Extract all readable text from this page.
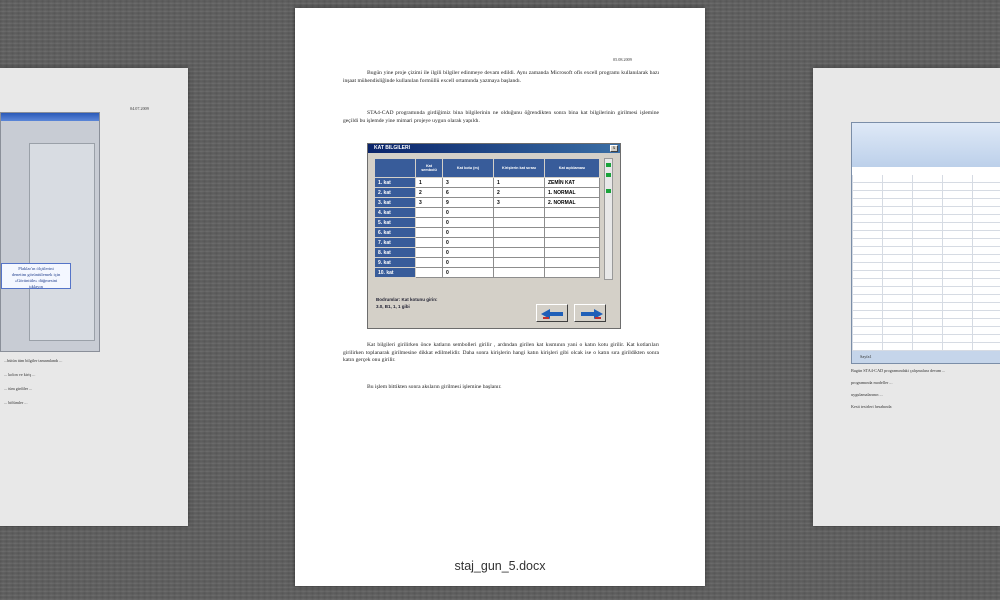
04.07.2009
Plaklar'ın ölçülerini
denetim görüntülemek için
«Görüntüle» düğmesini
tıklayın
...bütün tüm bilgiler tamamlandı ...
... kolon ve kiriş ...
... tüm girdiler ...
... bölümler ...
05.08.2009
Bugün yine proje çizimi ile ilgili bilgiler edinmeye devam edildi. Aynı zamanda Microsoft ofis excell programı kullanılarak bazı inşaat mühendisliğinde kullanılan formüllü excell ortamında yazmaya başlandı.
STA4-CAD programında girdiğimiz bina bilgilerinin ne olduğunu öğrendikten sonra bina kat bilgilerinin girilmesi işlemine geçildi bu işlemde yine mimari projeye uygun olarak yapıldı.
KAT BILGILERI	x
	Kat sembolü	Kat kotu (m)	Kirişlerin kat sırası	Kat açıklaması
1. kat	1	3	1	ZEMİN KAT
2. kat	2	6	2	1. NORMAL
3. kat	3	9	3	2. NORMAL
4. kat		0		
5. kat		0		
6. kat		0		
7. kat		0		
8. kat		0		
9. kat		0		
10. kat		0		
Bodrumlar: Kat kotunu girin:
3.0, B1, 1, 1 gibi
Kat bilgileri girilirken önce katların sembolleri girilir , ardından girilen kat kısmının yani o katın kotu girilir. Kat kotlarıları girilirken toplanarak girilmesine dikkat edilmelidir. Daha sonra kirişlerin hangi katın kirişleri gibi olcak ise o katın sıra girildikten sonra katın gerçek onu girilir.
Bu işlem bittikten sonra aksların girilmesi işlemine başlanır.
staj_gun_5.docx
Sayfa1
Bugün STA4-CAD programındaki çalışmalara devam ...
programında modeller ...
uygulamalarının ...
Kesit tesirleri hesabında
